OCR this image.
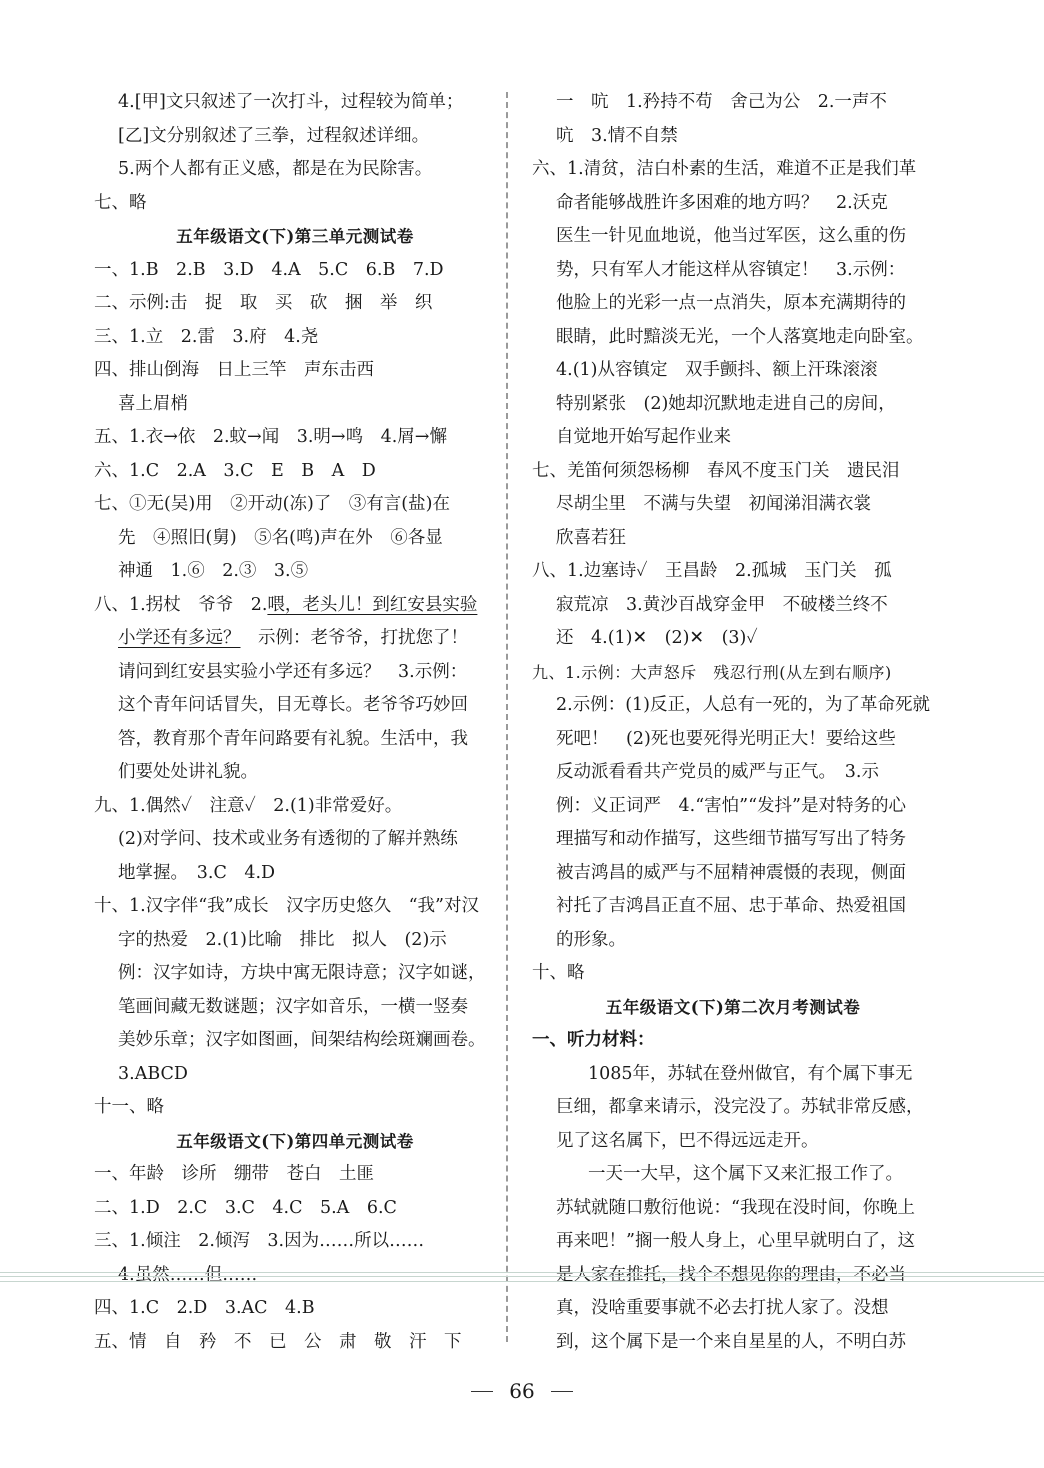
4.[甲]文只叙述了一次打斗，过程较为简单；
[乙]文分别叙述了三拳，过程叙述详细。
5.两个人都有正义感，都是在为民除害。
七、略
五年级语文(下)第三单元测试卷
一、1.B　2.B　3.D　4.A　5.C　6.B　7.D
二、示例:击　捉　取　买　砍　捆　举　织
三、1.立　2.雷　3.府　4.尧
四、排山倒海　日上三竿　声东击西
喜上眉梢
五、1.衣→依　2.蚊→闻　3.明→鸣　4.屑→懈
六、1.C　2.A　3.C　E　B　A　D
七、①无(吴)用　②开动(冻)了　③有言(盐)在
先　④照旧(舅)　⑤名(鸣)声在外　⑥各显
神通　1.⑥　2.③　3.⑤
八、1.拐杖　爷爷　2.喂，老头儿！到红安县实验
小学还有多远？　示例：老爷爷，打扰您了！
请问到红安县实验小学还有多远？　3.示例：
这个青年问话冒失，目无尊长。老爷爷巧妙回
答，教育那个青年问路要有礼貌。生活中，我
们要处处讲礼貌。
九、1.偶然✓　注意✓　2.(1)非常爱好。
(2)对学问、技术或业务有透彻的了解并熟练
地掌握。　3.C　4.D
十、1.汉字伴“我”成长　汉字历史悠久　“我”对汉
字的热爱　2.(1)比喻　排比　拟人　(2)示
例：汉字如诗，方块中寓无限诗意；汉字如谜，
笔画间藏无数谜题；汉字如音乐，一横一竖奏
美妙乐章；汉字如图画，间架结构绘斑斓画卷。
3.ABCD
十一、略
五年级语文(下)第四单元测试卷
一、年龄　诊所　绷带　苍白　土匪
二、1.D　2.C　3.C　4.C　5.A　6.C
三、1.倾注　2.倾泻　3.因为……所以……
4.虽然……但……
四、1.C　2.D　3.AC　4.B
五、情　自　矜　不　已　公　肃　敬　汗　下
一　吭　1.矜持不苟　舍己为公　2.一声不
吭　3.情不自禁
六、1.清贫，洁白朴素的生活，难道不正是我们革
命者能够战胜许多困难的地方吗？　2.沃克
医生一针见血地说，他当过军医，这么重的伤
势，只有军人才能这样从容镇定！　3.示例：
他脸上的光彩一点一点消失，原本充满期待的
眼睛，此时黯淡无光，一个人落寞地走向卧室。
4.(1)从容镇定　双手颤抖、额上汗珠滚滚
特别紧张　(2)她却沉默地走进自己的房间，
自觉地开始写起作业来
七、羌笛何须怨杨柳　春风不度玉门关　遗民泪
尽胡尘里　不满与失望　初闻涕泪满衣裳
欣喜若狂
八、1.边塞诗✓　王昌龄　2.孤城　玉门关　孤
寂荒凉　3.黄沙百战穿金甲　不破楼兰终不
还　4.(1)✕　(2)✕　(3)✓
九、1.示例：大声怒斥　残忍行刑(从左到右顺序)
2.示例：(1)反正，人总有一死的，为了革命死就
死吧！　(2)死也要死得光明正大！要给这些
反动派看看共产党员的威严与正气。　3.示
例：义正词严　4.“害怕”“发抖”是对特务的心
理描写和动作描写，这些细节描写写出了特务
被吉鸿昌的威严与不屈精神震慑的表现，侧面
衬托了吉鸿昌正直不屈、忠于革命、热爱祖国
的形象。
十、略
五年级语文(下)第二次月考测试卷
一、听力材料：
1085年，苏轼在登州做官，有个属下事无
巨细，都拿来请示，没完没了。苏轼非常反感，
见了这名属下，巴不得远远走开。
一天一大早，这个属下又来汇报工作了。
苏轼就随口敷衍他说：“我现在没时间，你晚上
再来吧！”搁一般人身上，心里早就明白了，这
是人家在推托，找个不想见你的理由，不必当
真，没啥重要事就不必去打扰人家了。没想
到，这个属下是一个来自星星的人，不明白苏
66
